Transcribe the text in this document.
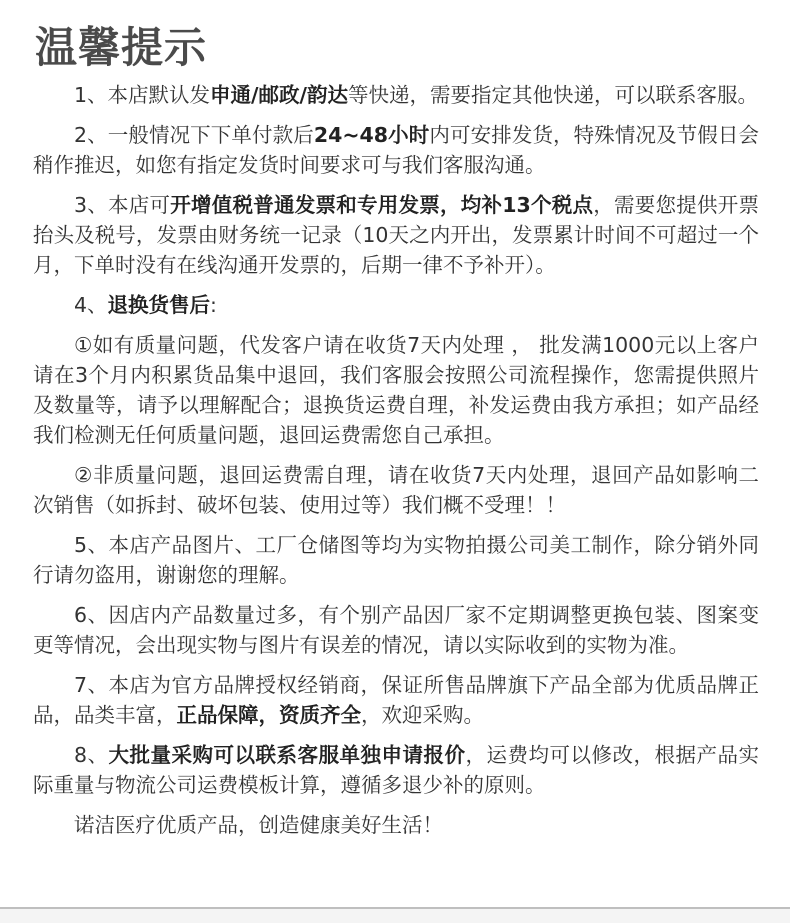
温馨提示

1、本店默认发申通/邮政/韵达等快递，需要指定其他快递，可以联系客服。

2、一般情况下下单付款后24~48小时内可安排发货，特殊情况及节假日会稍作推迟，如您有指定发货时间要求可与我们客服沟通。

3、本店可开增值税普通发票和专用发票，均补13个税点，需要您提供开票抬头及税号，发票由财务统一记录（10天之内开出，发票累计时间不可超过一个月，下单时没有在线沟通开发票的，后期一律不予补开）。

4、退换货售后:

①如有质量问题，代发客户请在收货7天内处理 ， 批发满1000元以上客户请在3个月内积累货品集中退回，我们客服会按照公司流程操作，您需提供照片及数量等，请予以理解配合；退换货运费自理，补发运费由我方承担；如产品经我们检测无任何质量问题，退回运费需您自己承担。

②非质量问题，退回运费需自理，请在收货7天内处理，退回产品如影响二次销售（如拆封、破坏包装、使用过等）我们概不受理！！

5、本店产品图片、工厂仓储图等均为实物拍摄公司美工制作，除分销外同行请勿盗用，谢谢您的理解。

6、因店内产品数量过多，有个别产品因厂家不定期调整更换包装、图案变更等情况，会出现实物与图片有误差的情况，请以实际收到的实物为准。

7、本店为官方品牌授权经销商，保证所售品牌旗下产品全部为优质品牌正品，品类丰富，正品保障，资质齐全，欢迎采购。

8、大批量采购可以联系客服单独申请报价，运费均可以修改，根据产品实际重量与物流公司运费模板计算，遵循多退少补的原则。

诺洁医疗优质产品，创造健康美好生活！
